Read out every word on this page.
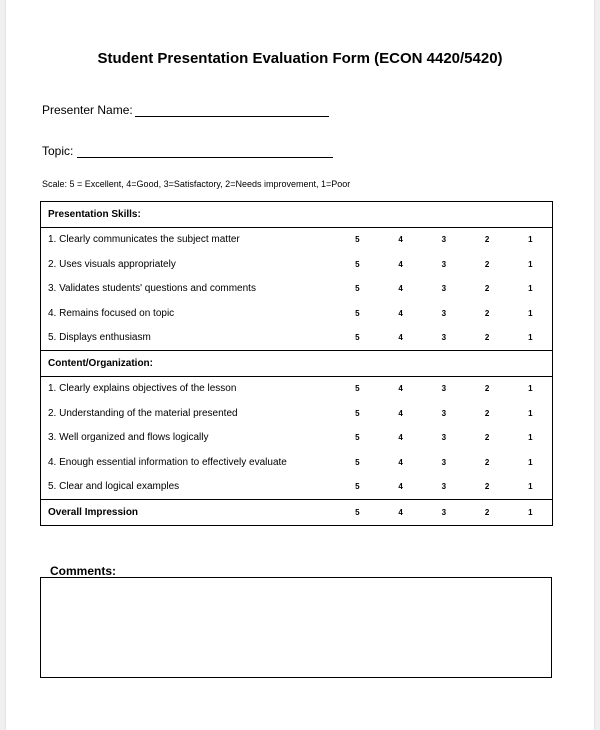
Student Presentation Evaluation Form (ECON 4420/5420)
Presenter Name:
Topic:
Scale: 5 = Excellent, 4=Good, 3=Satisfactory, 2=Needs improvement, 1=Poor
Presentation Skills:					
1. Clearly communicates the subject matter	5	4	3	2	1
2. Uses visuals appropriately	5	4	3	2	1
3. Validates students' questions and comments	5	4	3	2	1
4. Remains focused on topic	5	4	3	2	1
5. Displays enthusiasm	5	4	3	2	1
Content/Organization:					
1. Clearly explains objectives of the lesson	5	4	3	2	1
2. Understanding of the material presented	5	4	3	2	1
3. Well organized and flows logically	5	4	3	2	1
4. Enough essential information to effectively evaluate	5	4	3	2	1
5. Clear and logical examples	5	4	3	2	1
Overall Impression	5	4	3	2	1
Comments:
